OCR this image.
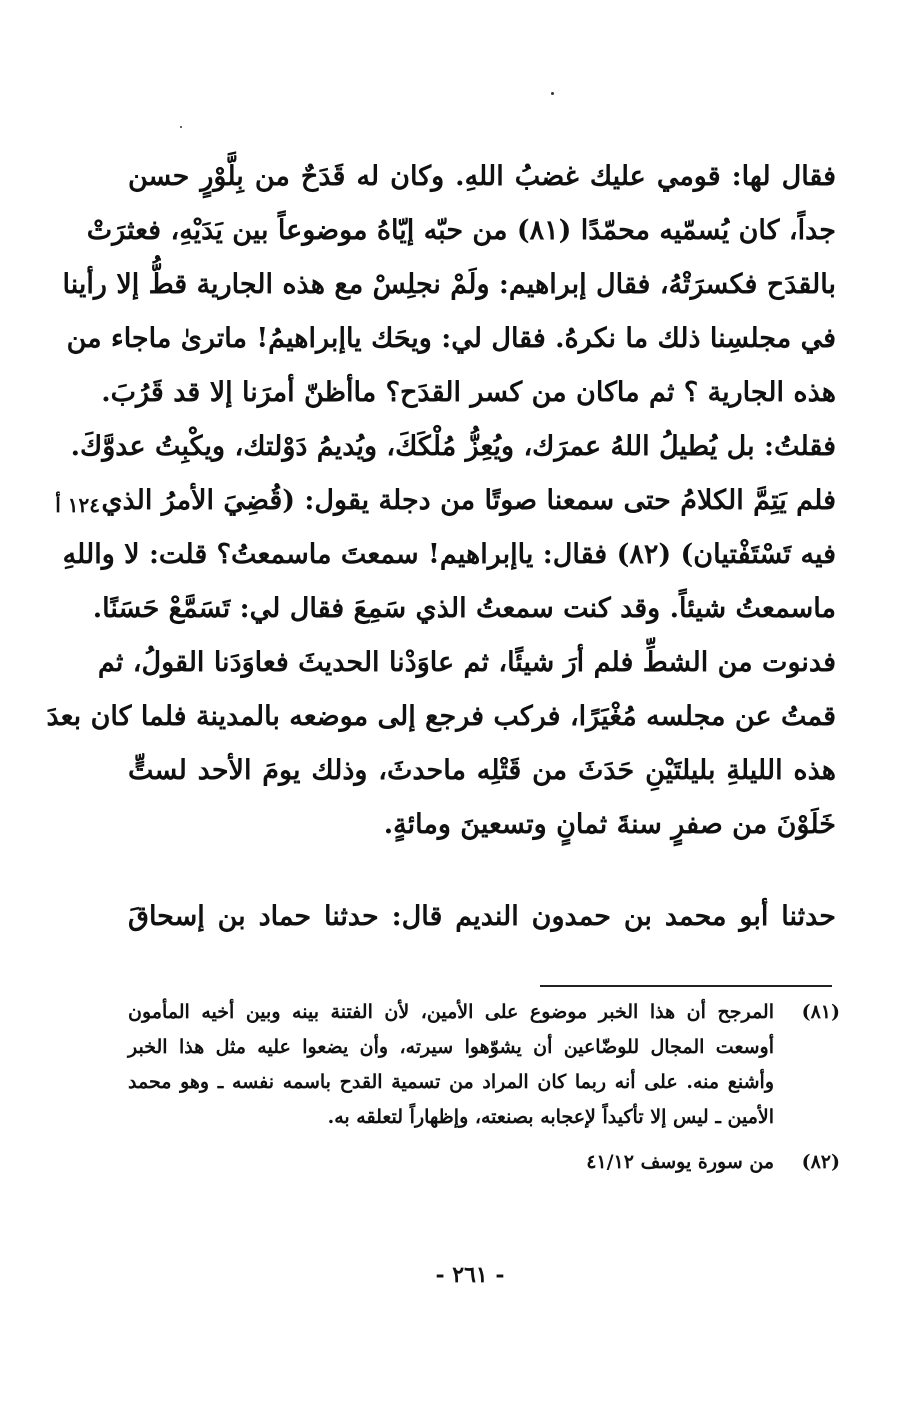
فقال لها: قومي عليك غضبُ اللهِ. وكان له قَدَحٌ من بِلَّوْرٍ حسن
جداً، كان يُسمّيه محمّدًا (٨١) من حبّه إيّاهُ موضوعاً بين يَدَيْهِ، فعثرَتْ
بالقدَح فكسرَتْهُ، فقال إبراهيم: ولَمْ نجلِسْ مع هذه الجارية قطُّ إلا رأينا
في مجلسِنا ذلك ما نكرهُ. فقال لي: ويحَك ياإبراهيمُ! ماترىٰ ماجاء من
هذه الجارية ؟ ثم ماكان من كسر القدَح؟ ماأظنّ أمرَنا إلا قد قَرُبَ.
فقلتُ: بل يُطيلُ اللهُ عمرَك، ويُعِزُّ مُلْكَكَ، ويُديمُ دَوْلتك، ويكْبِتُ عدوَّكَ.
فلم يَتِمَّ الكلامُ حتى سمعنا صوتًا من دجلة يقول: (قُضِيَ الأمرُ الذي
فيه تَسْتَفْتيان) (٨٢) فقال: ياإبراهيم! سمعتَ ماسمعتُ؟ قلت: لا واللهِ
ماسمعتُ شيئاً. وقد كنت سمعتُ الذي سَمِعَ فقال لي: تَسَمَّعْ حَسَنًا.
فدنوت من الشطِّ فلم أرَ شيئًا، ثم عاوَدْنا الحديثَ فعاوَدَنا القولُ، ثم
قمتُ عن مجلسه مُغْيَرًا، فركب فرجع إلى موضعه بالمدينة فلما كان بعدَ
هذه الليلةِ بليلتَيْنِ حَدَثَ من قَتْلِه ماحدثَ، وذلك يومَ الأحد لستٍّ
خَلَوْنَ من صفرٍ سنةَ ثمانٍ وتسعينَ ومائةٍ.
١٢٤ أ
حدثنا أبو محمد بن حمدون النديم قال: حدثنا حماد بن إسحاقَ
(٨١)
المرجح أن هذا الخبر موضوع على الأمين، لأن الفتنة بينه وبين أخيه المأمون
أوسعت المجال للوضّاعين أن يشوّهوا سيرته، وأن يضعوا عليه مثل هذا الخبر
وأشنع منه. على أنه ربما كان المراد من تسمية القدح باسمه نفسه ـ وهو محمد
الأمين ـ ليس إلا تأكيداً لإعجابه بصنعته، وإظهاراً لتعلقه به.
(٨٢)
من سورة يوسف ٤١/١٢
- ٢٦١ -
